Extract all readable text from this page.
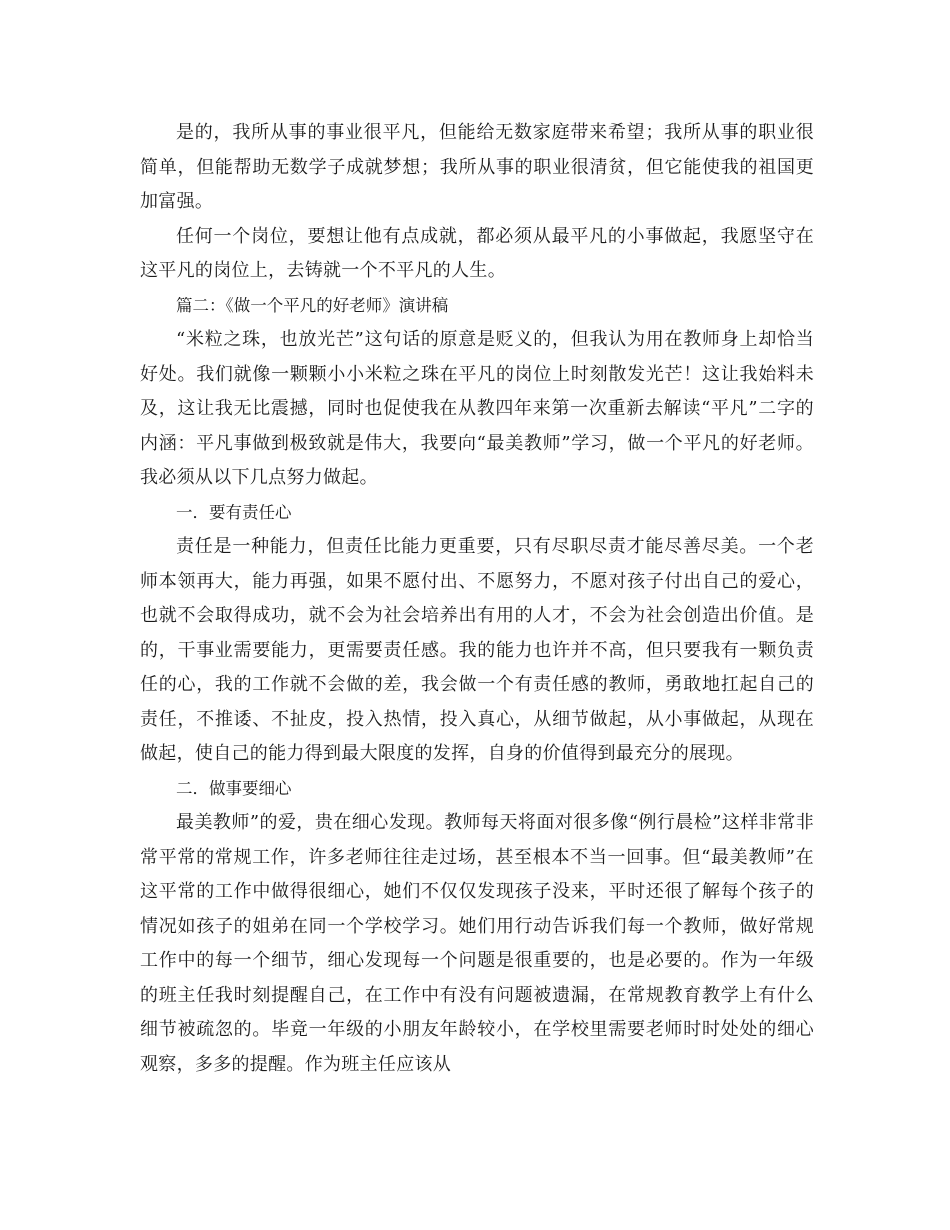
是的，我所从事的事业很平凡，但能给无数家庭带来希望；我所从事的职业很简单，但能帮助无数学子成就梦想；我所从事的职业很清贫，但它能使我的祖国更加富强。

任何一个岗位，要想让他有点成就，都必须从最平凡的小事做起，我愿坚守在这平凡的岗位上，去铸就一个不平凡的人生。

篇二：《做一个平凡的好老师》演讲稿

“米粒之珠，也放光芒”这句话的原意是贬义的，但我认为用在教师身上却恰当好处。我们就像一颗颗小小米粒之珠在平凡的岗位上时刻散发光芒！这让我始料未及，这让我无比震撼，同时也促使我在从教四年来第一次重新去解读“平凡”二字的内涵：平凡事做到极致就是伟大，我要向“最美教师”学习，做一个平凡的好老师。我必须从以下几点努力做起。

一．要有责任心

责任是一种能力，但责任比能力更重要，只有尽职尽责才能尽善尽美。一个老师本领再大，能力再强，如果不愿付出、不愿努力，不愿对孩子付出自己的爱心，也就不会取得成功，就不会为社会培养出有用的人才，不会为社会创造出价值。是的，干事业需要能力，更需要责任感。我的能力也许并不高，但只要我有一颗负责任的心，我的工作就不会做的差，我会做一个有责任感的教师，勇敢地扛起自己的责任，不推诿、不扯皮，投入热情，投入真心，从细节做起，从小事做起，从现在做起，使自己的能力得到最大限度的发挥，自身的价值得到最充分的展现。

二．做事要细心

最美教师”的爱，贵在细心发现。教师每天将面对很多像“例行晨检”这样非常非常平常的常规工作，许多老师往往走过场，甚至根本不当一回事。但“最美教师”在这平常的工作中做得很细心，她们不仅仅发现孩子没来，平时还很了解每个孩子的情况如孩子的姐弟在同一个学校学习。她们用行动告诉我们每一个教师，做好常规工作中的每一个细节，细心发现每一个问题是很重要的，也是必要的。作为一年级的班主任我时刻提醒自己，在工作中有没有问题被遗漏，在常规教育教学上有什么细节被疏忽的。毕竟一年级的小朋友年龄较小，在学校里需要老师时时处处的细心观察，多多的提醒。作为班主任应该从
